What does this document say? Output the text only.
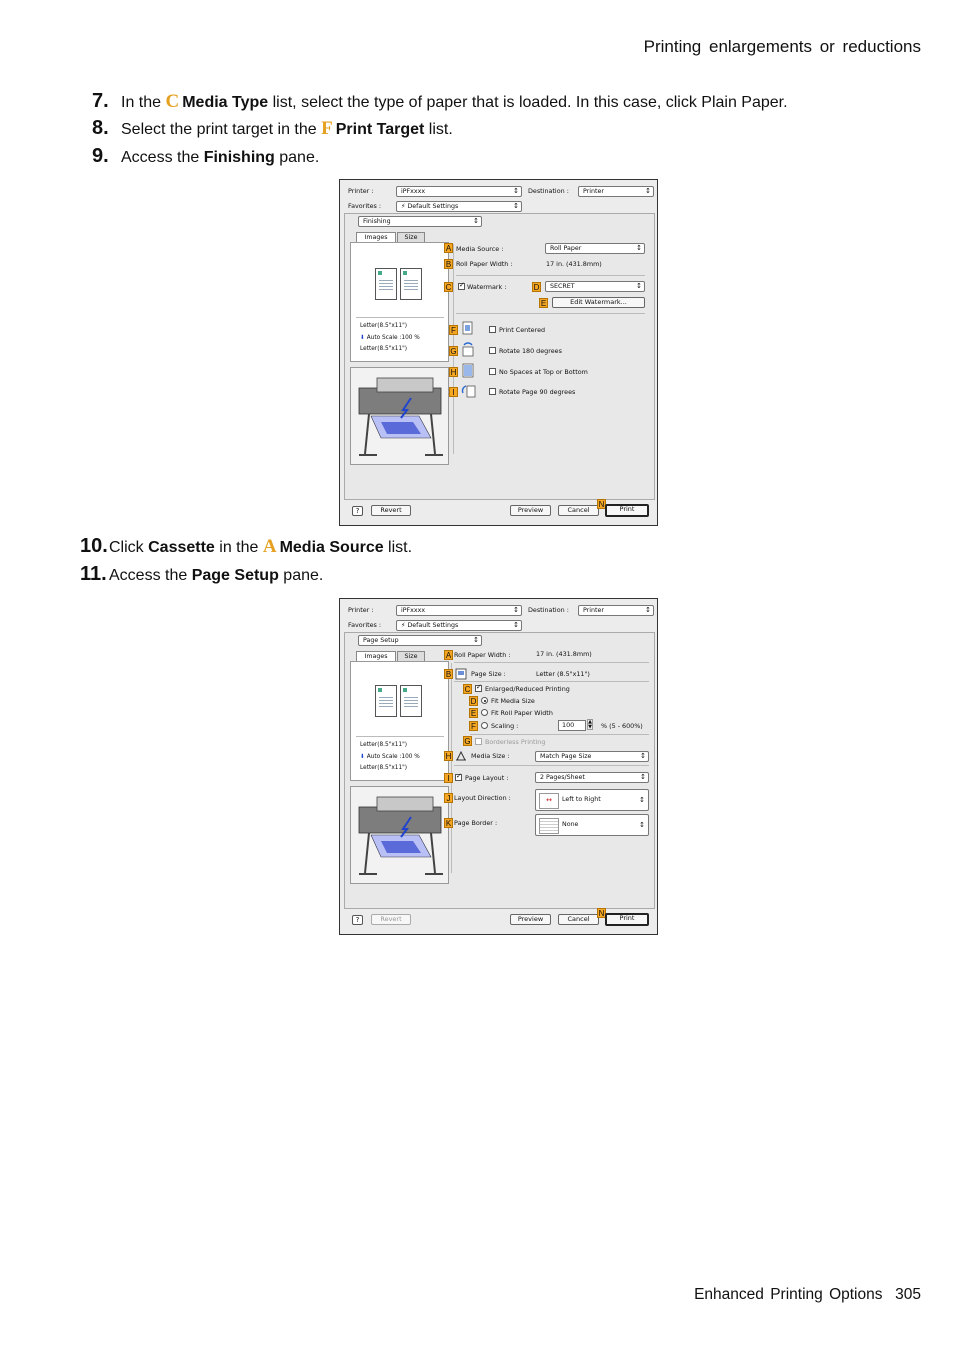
Printing enlargements or reductions
7. In the C Media Type list, select the type of paper that is loaded. In this case, click Plain Paper.
8. Select the print target in the F Print Target list.
9. Access the Finishing pane.
Printer :	iPFxxxx ↕	Destination :	Printer ↕
Favorites :	⚡ Default Settings ↕
Finishing ↕
Images	Size
Letter(8.5"x11")
⬇ Auto Scale :100 %
Letter(8.5"x11")
A Media Source :	Roll Paper ↕
B Roll Paper Width :	17 in. (431.8mm)
C ✓ Watermark :	D	SECRET ↕
E	Edit Watermark...
F	Print Centered
G	Rotate 180 degrees
H	No Spaces at Top or Bottom
I	Rotate Page 90 degrees
?	Revert	Preview	Cancel
N	Print
10.Click Cassette in the A Media Source list.
11. Access the Page Setup pane.
Printer :	iPFxxxx ↕	Destination :	Printer ↕
Favorites :	⚡ Default Settings ↕
Page Setup ↕
Images	Size
Letter(8.5"x11")
⬇ Auto Scale :100 %
Letter(8.5"x11")
A Roll Paper Width :	17 in. (431.8mm)
B	Page Size :	Letter (8.5"x11")
C ✓ Enlarged/Reduced Printing
D Fit Media Size
E Fit Roll Paper Width
F	Scaling :	100	▲
▼ % (5 - 600%)
G Borderless Printing
H	Media Size :	Match Page Size ↕
I ✓	Page Layout :	2 Pages/Sheet ↕
J Layout Direction :	↔	Left to Right
↕
K Page Border :	None
↕
?	Revert	Preview	Cancel
N	Print
Enhanced Printing Options 305
